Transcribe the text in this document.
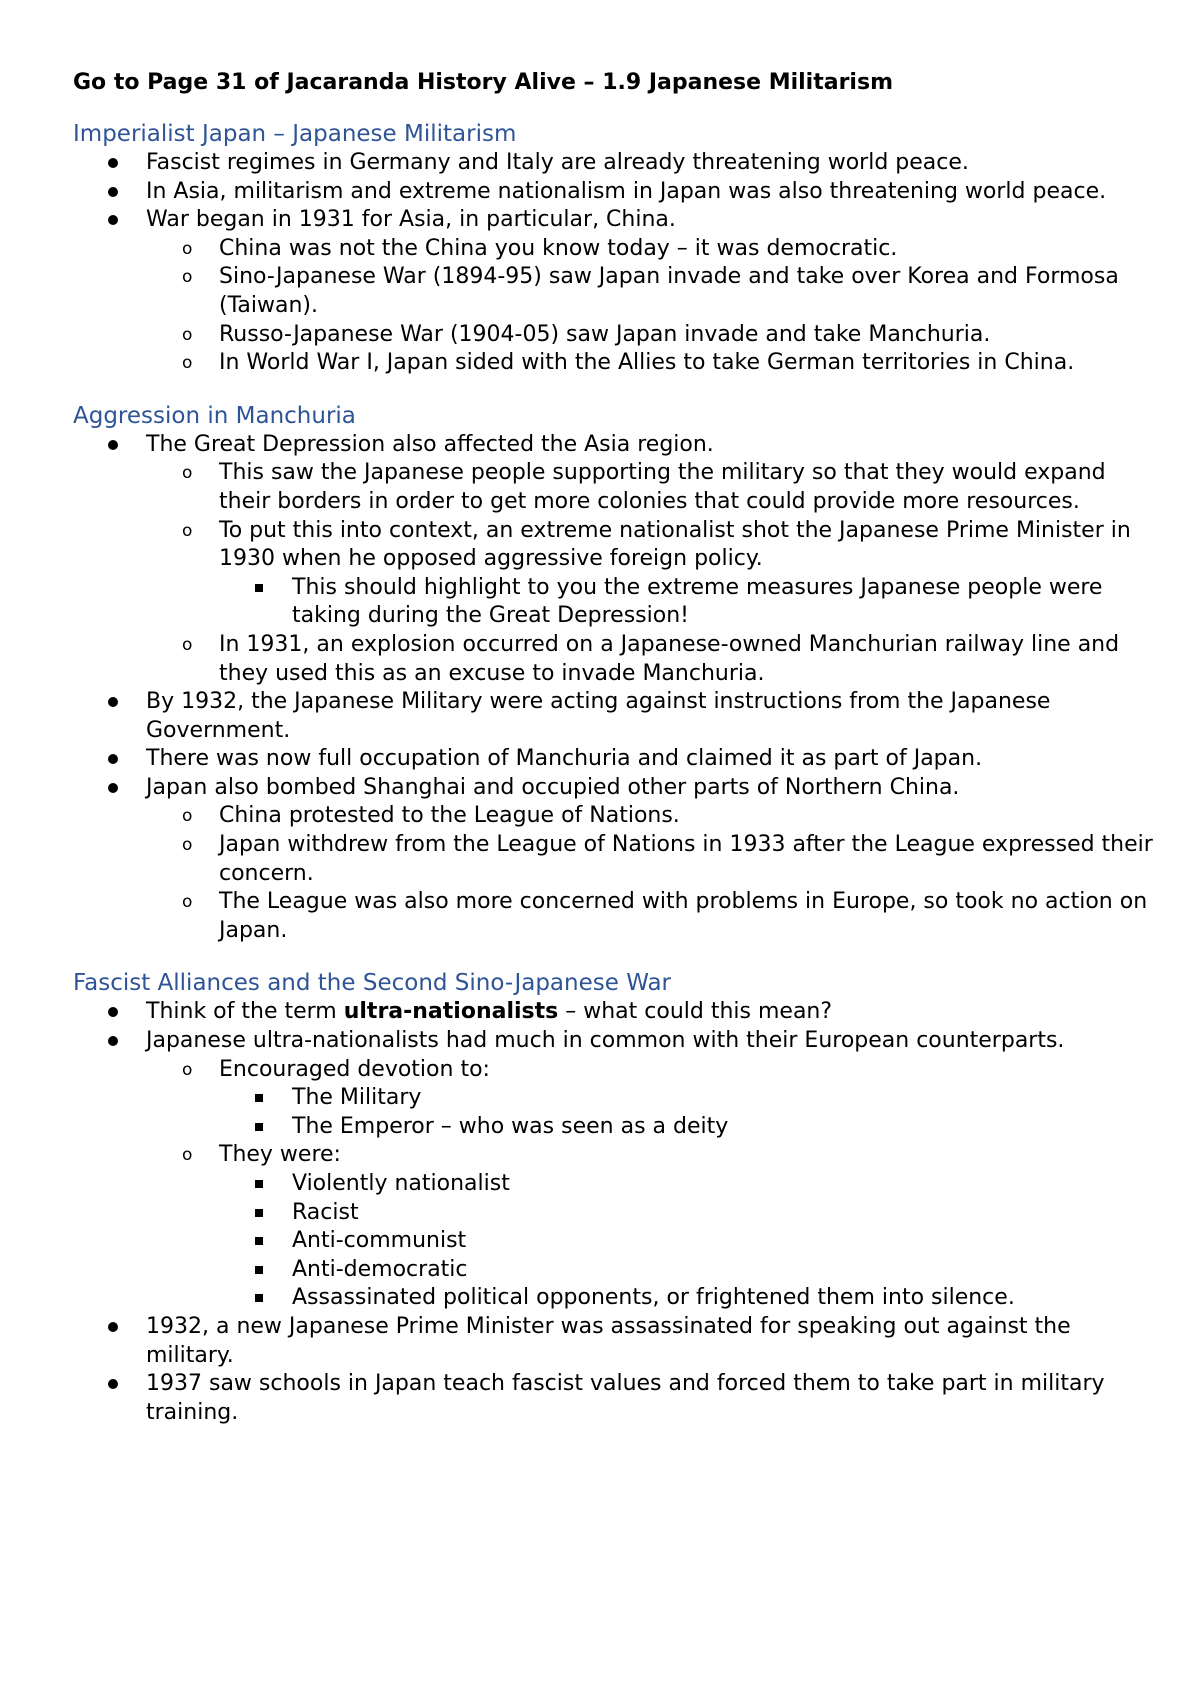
Go to Page 31 of Jacaranda History Alive – 1.9 Japanese Militarism
Imperialist Japan – Japanese Militarism
Fascist regimes in Germany and Italy are already threatening world peace.
In Asia, militarism and extreme nationalism in Japan was also threatening world peace.
War began in 1931 for Asia, in particular, China.
o China was not the China you know today – it was democratic.
o Sino-Japanese War (1894-95) saw Japan invade and take over Korea and Formosa (Taiwan).
o Russo-Japanese War (1904-05) saw Japan invade and take Manchuria.
o In World War I, Japan sided with the Allies to take German territories in China.
Aggression in Manchuria
The Great Depression also affected the Asia region.
o This saw the Japanese people supporting the military so that they would expand their borders in order to get more colonies that could provide more resources.
o To put this into context, an extreme nationalist shot the Japanese Prime Minister in 1930 when he opposed aggressive foreign policy.
This should highlight to you the extreme measures Japanese people were taking during the Great Depression!
o In 1931, an explosion occurred on a Japanese-owned Manchurian railway line and they used this as an excuse to invade Manchuria.
By 1932, the Japanese Military were acting against instructions from the Japanese Government.
There was now full occupation of Manchuria and claimed it as part of Japan.
Japan also bombed Shanghai and occupied other parts of Northern China.
o China protested to the League of Nations.
o Japan withdrew from the League of Nations in 1933 after the League expressed their concern.
o The League was also more concerned with problems in Europe, so took no action on Japan.
Fascist Alliances and the Second Sino-Japanese War
Think of the term ultra-nationalists – what could this mean?
Japanese ultra-nationalists had much in common with their European counterparts.
o Encouraged devotion to:
The Military
The Emperor – who was seen as a deity
o They were:
Violently nationalist
Racist
Anti-communist
Anti-democratic
Assassinated political opponents, or frightened them into silence.
1932, a new Japanese Prime Minister was assassinated for speaking out against the military.
1937 saw schools in Japan teach fascist values and forced them to take part in military training.
